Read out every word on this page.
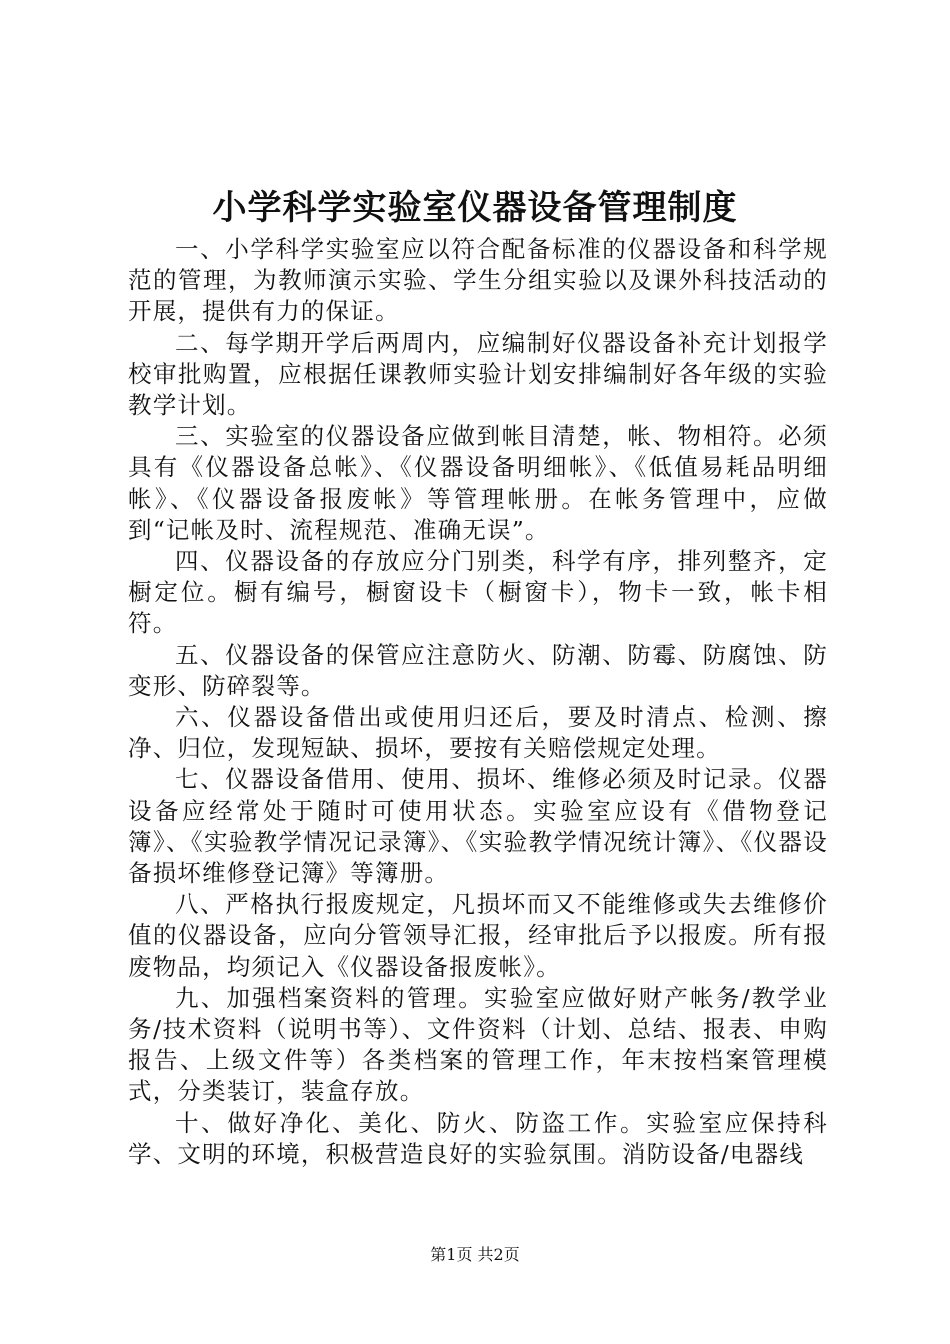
小学科学实验室仪器设备管理制度

一、小学科学实验室应以符合配备标准的仪器设备和科学规范的管理，为教师演示实验、学生分组实验以及课外科技活动的开展，提供有力的保证。

二、每学期开学后两周内，应编制好仪器设备补充计划报学校审批购置，应根据任课教师实验计划安排编制好各年级的实验教学计划。

三、实验室的仪器设备应做到帐目清楚，帐、物相符。必须具有《仪器设备总帐》、《仪器设备明细帐》、《低值易耗品明细帐》、《仪器设备报废帐》等管理帐册。在帐务管理中，应做到“记帐及时、流程规范、准确无误”。

四、仪器设备的存放应分门别类，科学有序，排列整齐，定橱定位。橱有编号，橱窗设卡（橱窗卡），物卡一致，帐卡相符。

五、仪器设备的保管应注意防火、防潮、防霉、防腐蚀、防变形、防碎裂等。

六、仪器设备借出或使用归还后，要及时清点、检测、擦净、归位，发现短缺、损坏，要按有关赔偿规定处理。

七、仪器设备借用、使用、损坏、维修必须及时记录。仪器设备应经常处于随时可使用状态。实验室应设有《借物登记簿》、《实验教学情况记录簿》、《实验教学情况统计簿》、《仪器设备损坏维修登记簿》等簿册。

八、严格执行报废规定，凡损坏而又不能维修或失去维修价值的仪器设备，应向分管领导汇报，经审批后予以报废。所有报废物品，均须记入《仪器设备报废帐》。

九、加强档案资料的管理。实验室应做好财产帐务/教学业务/技术资料（说明书等）、文件资料（计划、总结、报表、申购报告、上级文件等）各类档案的管理工作，年末按档案管理模式，分类装订，装盒存放。

十、做好净化、美化、防火、防盗工作。实验室应保持科学、文明的环境，积极营造良好的实验氛围。消防设备/电器线

第1页 共2页
